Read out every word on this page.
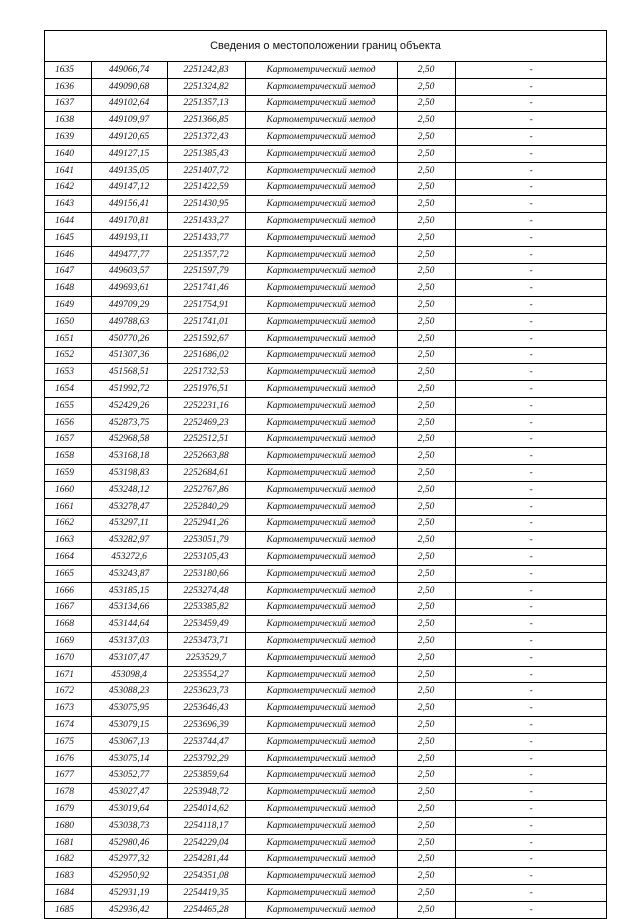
Сведения о местоположении границ объекта
1635	449066,74	2251242,83	Картометрический метод	2,50	-
1636	449090,68	2251324,82	Картометрический метод	2,50	-
1637	449102,64	2251357,13	Картометрический метод	2,50	-
1638	449109,97	2251366,85	Картометрический метод	2,50	-
1639	449120,65	2251372,43	Картометрический метод	2,50	-
1640	449127,15	2251385,43	Картометрический метод	2,50	-
1641	449135,05	2251407,72	Картометрический метод	2,50	-
1642	449147,12	2251422,59	Картометрический метод	2,50	-
1643	449156,41	2251430,95	Картометрический метод	2,50	-
1644	449170,81	2251433,27	Картометрический метод	2,50	-
1645	449193,11	2251433,77	Картометрический метод	2,50	-
1646	449477,77	2251357,72	Картометрический метод	2,50	-
1647	449603,57	2251597,79	Картометрический метод	2,50	-
1648	449693,61	2251741,46	Картометрический метод	2,50	-
1649	449709,29	2251754,91	Картометрический метод	2,50	-
1650	449788,63	2251741,01	Картометрический метод	2,50	-
1651	450770,26	2251592,67	Картометрический метод	2,50	-
1652	451307,36	2251686,02	Картометрический метод	2,50	-
1653	451568,51	2251732,53	Картометрический метод	2,50	-
1654	451992,72	2251976,51	Картометрический метод	2,50	-
1655	452429,26	2252231,16	Картометрический метод	2,50	-
1656	452873,75	2252469,23	Картометрический метод	2,50	-
1657	452968,58	2252512,51	Картометрический метод	2,50	-
1658	453168,18	2252663,88	Картометрический метод	2,50	-
1659	453198,83	2252684,61	Картометрический метод	2,50	-
1660	453248,12	2252767,86	Картометрический метод	2,50	-
1661	453278,47	2252840,29	Картометрический метод	2,50	-
1662	453297,11	2252941,26	Картометрический метод	2,50	-
1663	453282,97	2253051,79	Картометрический метод	2,50	-
1664	453272,6	2253105,43	Картометрический метод	2,50	-
1665	453243,87	2253180,66	Картометрический метод	2,50	-
1666	453185,15	2253274,48	Картометрический метод	2,50	-
1667	453134,66	2253385,82	Картометрический метод	2,50	-
1668	453144,64	2253459,49	Картометрический метод	2,50	-
1669	453137,03	2253473,71	Картометрический метод	2,50	-
1670	453107,47	2253529,7	Картометрический метод	2,50	-
1671	453098,4	2253554,27	Картометрический метод	2,50	-
1672	453088,23	2253623,73	Картометрический метод	2,50	-
1673	453075,95	2253646,43	Картометрический метод	2,50	-
1674	453079,15	2253696,39	Картометрический метод	2,50	-
1675	453067,13	2253744,47	Картометрический метод	2,50	-
1676	453075,14	2253792,29	Картометрический метод	2,50	-
1677	453052,77	2253859,64	Картометрический метод	2,50	-
1678	453027,47	2253948,72	Картометрический метод	2,50	-
1679	453019,64	2254014,62	Картометрический метод	2,50	-
1680	453038,73	2254118,17	Картометрический метод	2,50	-
1681	452980,46	2254229,04	Картометрический метод	2,50	-
1682	452977,32	2254281,44	Картометрический метод	2,50	-
1683	452950,92	2254351,08	Картометрический метод	2,50	-
1684	452931,19	2254419,35	Картометрический метод	2,50	-
1685	452936,42	2254465,28	Картометрический метод	2,50	-
